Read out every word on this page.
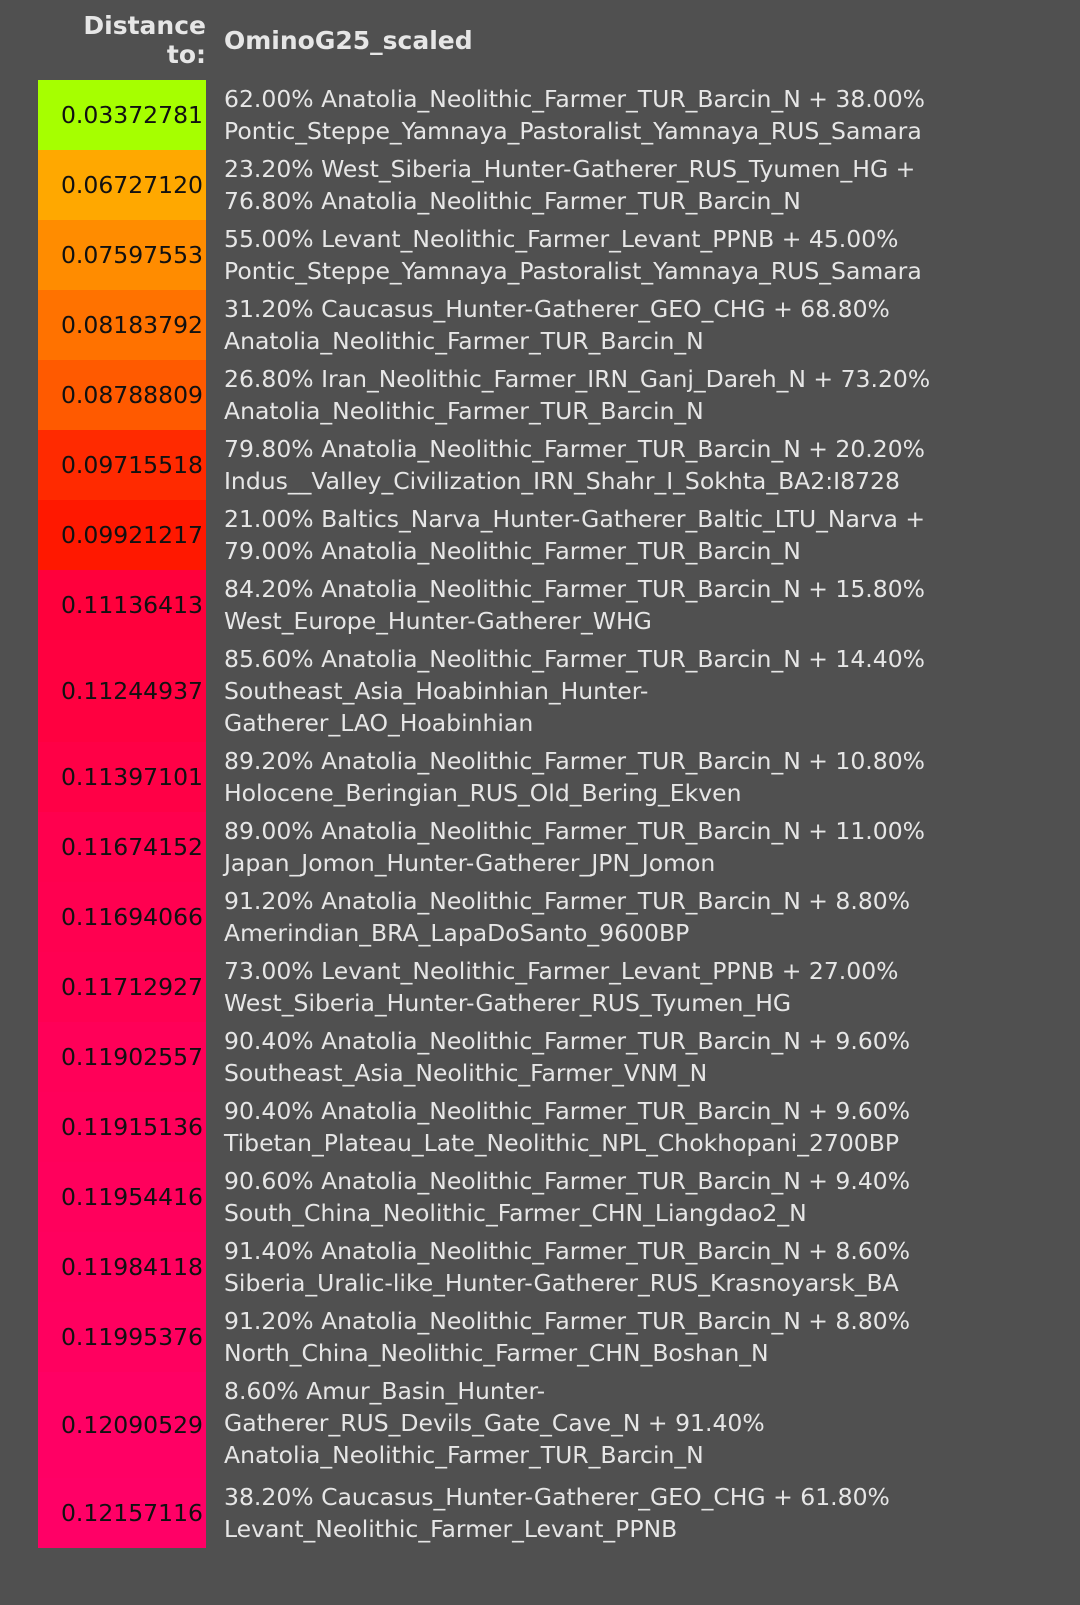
Distance to: OminoG25_scaled
0.03372781
62.00% Anatolia_Neolithic_Farmer_TUR_Barcin_N + 38.00%
Pontic_Steppe_Yamnaya_Pastoralist_Yamnaya_RUS_Samara
0.06727120
23.20% West_Siberia_Hunter-Gatherer_RUS_Tyumen_HG +
76.80% Anatolia_Neolithic_Farmer_TUR_Barcin_N
0.07597553
55.00% Levant_Neolithic_Farmer_Levant_PPNB + 45.00%
Pontic_Steppe_Yamnaya_Pastoralist_Yamnaya_RUS_Samara
0.08183792
31.20% Caucasus_Hunter-Gatherer_GEO_CHG + 68.80%
Anatolia_Neolithic_Farmer_TUR_Barcin_N
0.08788809
26.80% Iran_Neolithic_Farmer_IRN_Ganj_Dareh_N + 73.20%
Anatolia_Neolithic_Farmer_TUR_Barcin_N
0.09715518
79.80% Anatolia_Neolithic_Farmer_TUR_Barcin_N + 20.20%
Indus__Valley_Civilization_IRN_Shahr_I_Sokhta_BA2:I8728
0.09921217
21.00% Baltics_Narva_Hunter-Gatherer_Baltic_LTU_Narva +
79.00% Anatolia_Neolithic_Farmer_TUR_Barcin_N
0.11136413
84.20% Anatolia_Neolithic_Farmer_TUR_Barcin_N + 15.80%
West_Europe_Hunter-Gatherer_WHG
0.11244937
85.60% Anatolia_Neolithic_Farmer_TUR_Barcin_N + 14.40%
Southeast_Asia_Hoabinhian_Hunter-
Gatherer_LAO_Hoabinhian
0.11397101
89.20% Anatolia_Neolithic_Farmer_TUR_Barcin_N + 10.80%
Holocene_Beringian_RUS_Old_Bering_Ekven
0.11674152
89.00% Anatolia_Neolithic_Farmer_TUR_Barcin_N + 11.00%
Japan_Jomon_Hunter-Gatherer_JPN_Jomon
0.11694066
91.20% Anatolia_Neolithic_Farmer_TUR_Barcin_N + 8.80%
Amerindian_BRA_LapaDoSanto_9600BP
0.11712927
73.00% Levant_Neolithic_Farmer_Levant_PPNB + 27.00%
West_Siberia_Hunter-Gatherer_RUS_Tyumen_HG
0.11902557
90.40% Anatolia_Neolithic_Farmer_TUR_Barcin_N + 9.60%
Southeast_Asia_Neolithic_Farmer_VNM_N
0.11915136
90.40% Anatolia_Neolithic_Farmer_TUR_Barcin_N + 9.60%
Tibetan_Plateau_Late_Neolithic_NPL_Chokhopani_2700BP
0.11954416
90.60% Anatolia_Neolithic_Farmer_TUR_Barcin_N + 9.40%
South_China_Neolithic_Farmer_CHN_Liangdao2_N
0.11984118
91.40% Anatolia_Neolithic_Farmer_TUR_Barcin_N + 8.60%
Siberia_Uralic-like_Hunter-Gatherer_RUS_Krasnoyarsk_BA
0.11995376
91.20% Anatolia_Neolithic_Farmer_TUR_Barcin_N + 8.80%
North_China_Neolithic_Farmer_CHN_Boshan_N
0.12090529
8.60% Amur_Basin_Hunter-
Gatherer_RUS_Devils_Gate_Cave_N + 91.40%
Anatolia_Neolithic_Farmer_TUR_Barcin_N
0.12157116
38.20% Caucasus_Hunter-Gatherer_GEO_CHG + 61.80%
Levant_Neolithic_Farmer_Levant_PPNB
